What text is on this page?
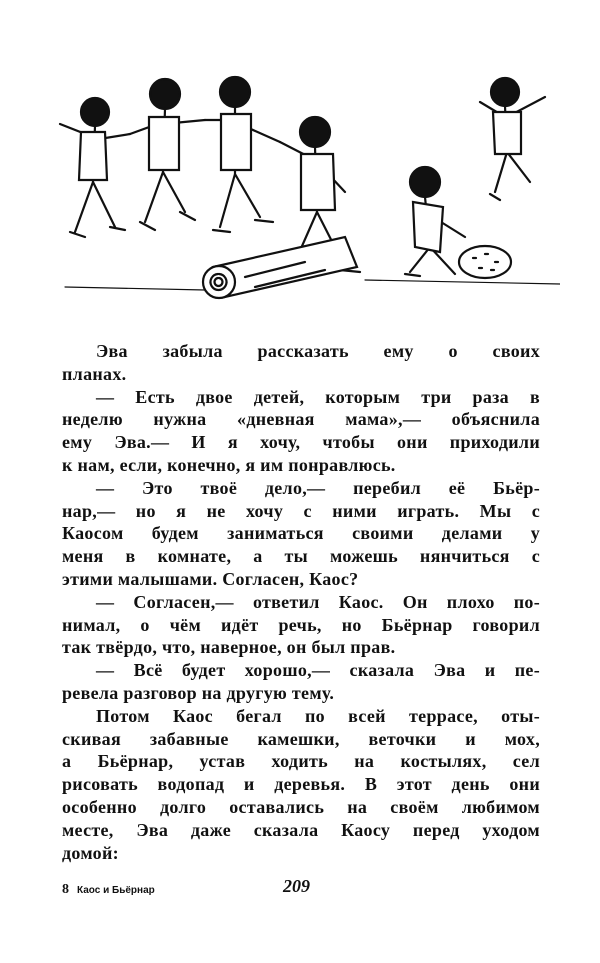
Эва забыла рассказать ему о своих
планах.
— Есть двое детей, которым три раза в
неделю нужна «дневная мама»,— объяснила
ему Эва.— И я хочу, чтобы они приходили
к нам, если, конечно, я им понравлюсь.
— Это твоё дело,— перебил её Бьёр-
нар,— но я не хочу с ними играть. Мы с
Каосом будем заниматься своими делами у
меня в комнате, а ты можешь нянчиться с
этими малышами. Согласен, Каос?
— Согласен,— ответил Каос. Он плохо по-
нимал, о чём идёт речь, но Бьёрнар говорил
так твёрдо, что, наверное, он был прав.
— Всё будет хорошо,— сказала Эва и пе-
ревела разговор на другую тему.
Потом Каос бегал по всей террасе, оты-
скивая забавные камешки, веточки и мох,
а Бьёрнар, устав ходить на костылях, сел
рисовать водопад и деревья. В этот день они
особенно долго оставались на своём любимом
месте, Эва даже сказала Каосу перед уходом
домой:
8 Каос и Бьёрнар	209
